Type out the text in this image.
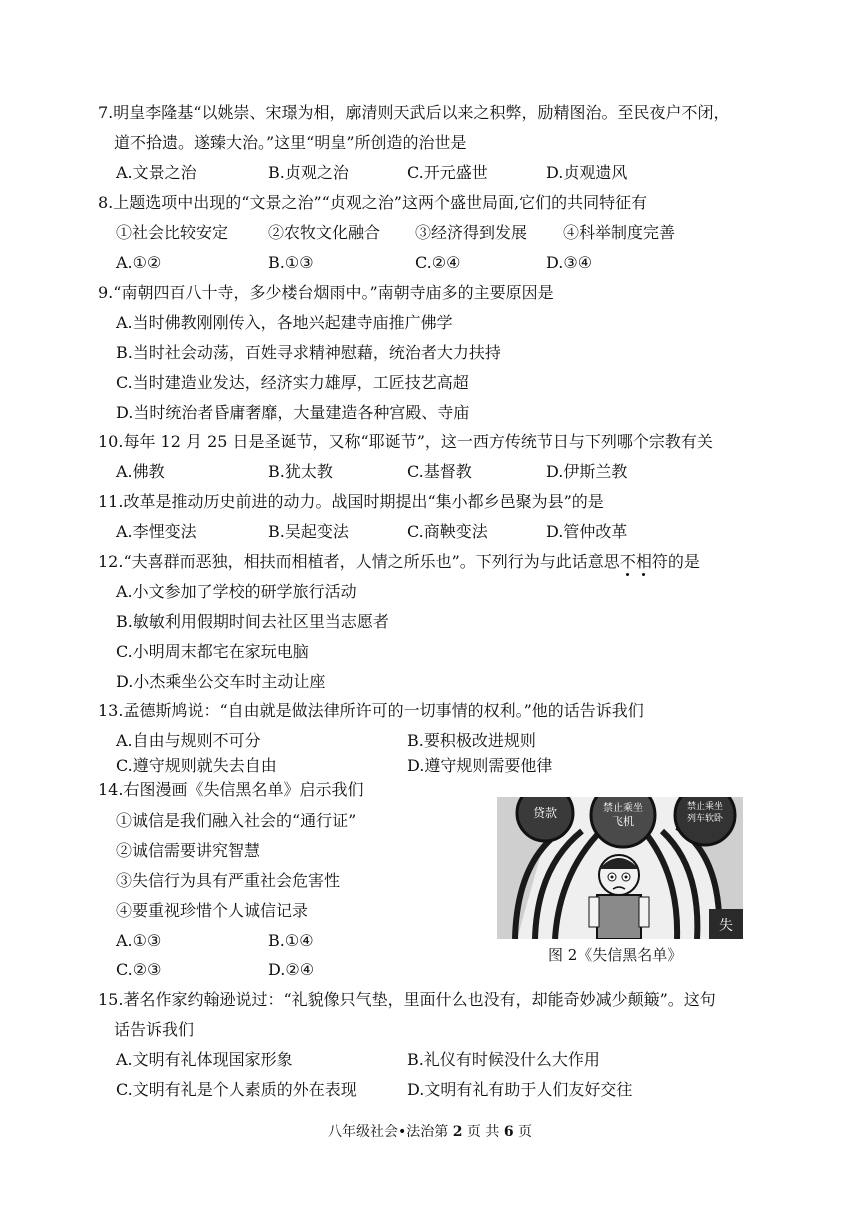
7.明皇李隆基“以姚崇、宋璟为相，廓清则天武后以来之积弊，励精图治。至民夜户不闭，
道不拾遗。遂臻大治。”这里“明皇”所创造的治世是
A.文景之治	B.贞观之治	C.开元盛世	D.贞观遗风
8.上题选项中出现的“文景之治”“贞观之治”这两个盛世局面,它们的共同特征有
①社会比较安定 ②农牧文化融合 ③经济得到发展 ④科举制度完善
A.①②	B.①③	C.②④	D.③④
9.“南朝四百八十寺，多少楼台烟雨中。”南朝寺庙多的主要原因是
A.当时佛教刚刚传入，各地兴起建寺庙推广佛学
B.当时社会动荡，百姓寻求精神慰藉，统治者大力扶持
C.当时建造业发达，经济实力雄厚，工匠技艺高超
D.当时统治者昏庸奢靡，大量建造各种宫殿、寺庙
10.每年 12 月 25 日是圣诞节，又称“耶诞节”，这一西方传统节日与下列哪个宗教有关
A.佛教	B.犹太教	C.基督教	D.伊斯兰教
11.改革是推动历史前进的动力。战国时期提出“集小都乡邑聚为县”的是
A.李悝变法	B.吴起变法	C.商鞅变法	D.管仲改革
12.“夫喜群而恶独，相扶而相植者，人情之所乐也”。下列行为与此话意思不相符的是
A.小文参加了学校的研学旅行活动
B.敏敏利用假期时间去社区里当志愿者
C.小明周末都宅在家玩电脑
D.小杰乘坐公交车时主动让座
13.孟德斯鸠说：“自由就是做法律所许可的一切事情的权利。”他的话告诉我们
A.自由与规则不可分	B.要积极改进规则
C.遵守规则就失去自由	D.遵守规则需要他律
14.右图漫画《失信黑名单》启示我们
①诚信是我们融入社会的“通行证”
②诚信需要讲究智慧
③失信行为具有严重社会危害性
④要重视珍惜个人诚信记录
A.①③	B.①④
C.②③	D.②④
贷款	禁止乘坐
飞机
禁止乘坐
列车软卧
失
图 2《失信黑名单》
15.著名作家约翰逊说过：“礼貌像只气垫，里面什么也没有，却能奇妙减少颠簸”。这句
话告诉我们
A.文明有礼体现国家形象	B.礼仪有时候没什么大作用
C.文明有礼是个人素质的外在表现	D.文明有礼有助于人们友好交往
八年级社会•法治第 2 页 共 6 页
